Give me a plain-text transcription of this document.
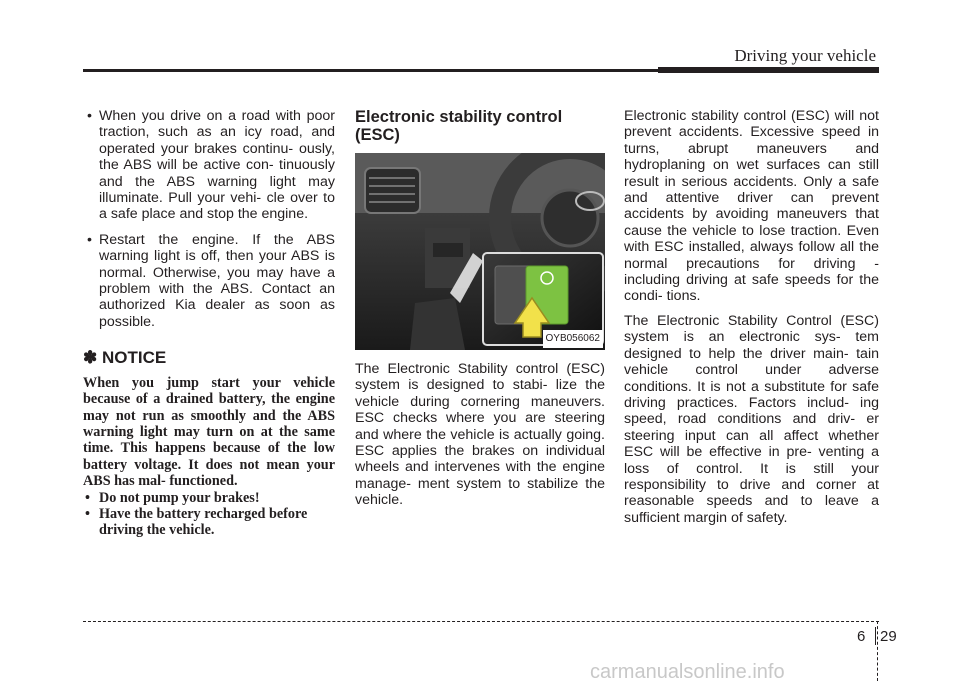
Driving your vehicle
• When you drive on a road with poor traction, such as an icy road, and operated your brakes continu- ously, the ABS will be active con- tinuously and the ABS warning light may illuminate. Pull your vehi- cle over to a safe place and stop the engine.
• Restart the engine. If the ABS warning light is off, then your ABS is normal. Otherwise, you may have a problem with the ABS. Contact an authorized Kia dealer as soon as possible.
✽ NOTICE
When you jump start your vehicle because of a drained battery, the engine may not run as smoothly and the ABS warning light may turn on at the same time. This happens because of the low battery voltage. It does not mean your ABS has mal- functioned.
• Do not pump your brakes!
• Have the battery recharged before driving the vehicle.
Electronic stability control (ESC)
OYB056062

The Electronic Stability control (ESC) system is designed to stabi- lize the vehicle during cornering maneuvers. ESC checks where you are steering and where the vehicle is actually going. ESC applies the brakes on individual wheels and intervenes with the engine manage- ment system to stabilize the vehicle.

Electronic stability control (ESC) will not prevent accidents. Excessive speed in turns, abrupt maneuvers and hydroplaning on wet surfaces can still result in serious accidents. Only a safe and attentive driver can prevent accidents by avoiding maneuvers that cause the vehicle to lose traction. Even with ESC installed, always follow all the normal precautions for driving - including driving at safe speeds for the condi- tions.

The Electronic Stability Control (ESC) system is an electronic sys- tem designed to help the driver main- tain vehicle control under adverse conditions. It is not a substitute for safe driving practices. Factors includ- ing speed, road conditions and driv- er steering input can all affect whether ESC will be effective in pre- venting a loss of control. It is still your responsibility to drive and corner at reasonable speeds and to leave a sufficient margin of safety.

6 29
carmanualsonline.info
